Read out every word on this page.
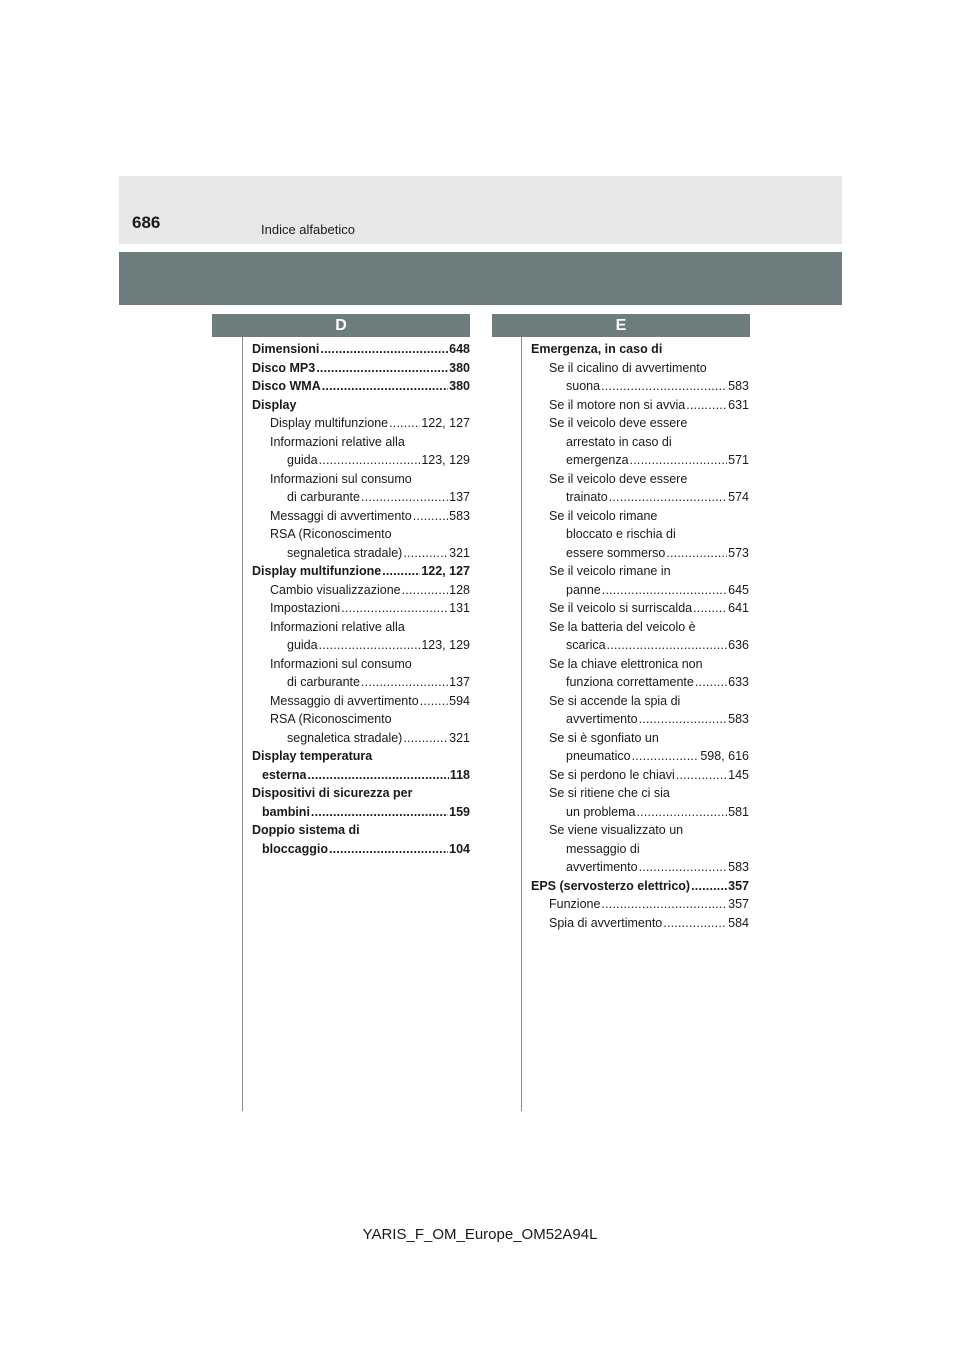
686	Indice alfabetico
D	E
Dimensioni .....	648
Disco MP3 .....	380
Disco WMA .....	380
Display
Display multifunzione .....	122, 127
Informazioni relative alla
guida .....	123, 129
Informazioni sul consumo
di carburante .....	137
Messaggi di avvertimento .....	583
RSA (Riconoscimento
segnaletica stradale) .....	321
Display multifunzione .....	122, 127
Cambio visualizzazione .....	128
Impostazioni .....	131
Informazioni relative alla
guida .....	123, 129
Informazioni sul consumo
di carburante .....	137
Messaggio di avvertimento ..... 594
RSA (Riconoscimento
segnaletica stradale) .....	321
Display temperatura
esterna .....	118
Dispositivi di sicurezza per
bambini .....	159
Doppio sistema di
bloccaggio .....	104
Emergenza, in caso di
Se il cicalino di avvertimento
suona .....	583
Se il motore non si avvia .....	631
Se il veicolo deve essere
arrestato in caso di
emergenza .....	571
Se il veicolo deve essere
trainato .....	574
Se il veicolo rimane
bloccato e rischia di
essere sommerso .....	573
Se il veicolo rimane in
panne .....	645
Se il veicolo si surriscalda .....	641
Se la batteria del veicolo è
scarica .....	636
Se la chiave elettronica non
funziona correttamente .....	633
Se si accende la spia di
avvertimento .....	583
Se si è sgonfiato un
pneumatico .....	598, 616
Se si perdono le chiavi .....	145
Se si ritiene che ci sia
un problema .....	581
Se viene visualizzato un
messaggio di
avvertimento .....	583
EPS (servosterzo elettrico) .....	357
Funzione .....	357
Spia di avvertimento .....	584
YARIS_F_OM_Europe_OM52A94L
